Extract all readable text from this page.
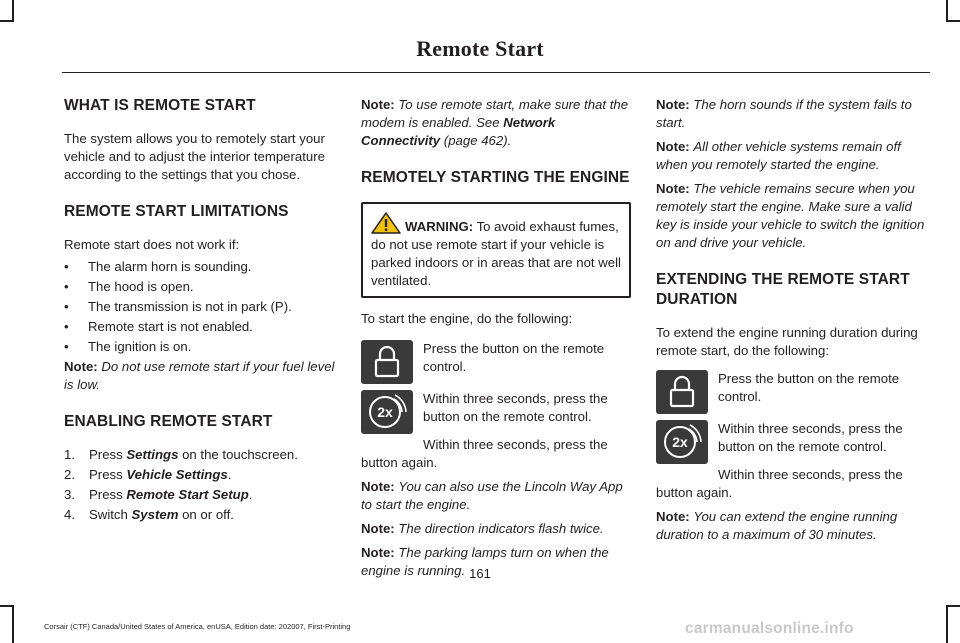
Remote Start
WHAT IS REMOTE START

The system allows you to remotely start your vehicle and to adjust the interior temperature according to the settings that you chose.

REMOTE START LIMITATIONS

Remote start does not work if:

• The alarm horn is sounding.
• The hood is open.
• The transmission is not in park (P).
• Remote start is not enabled.
• The ignition is on.

Note: Do not use remote start if your fuel level is low.

ENABLING REMOTE START
1. Press Settings on the touchscreen.
2. Press Vehicle Settings.
3. Press Remote Start Setup.
4. Switch System on or off.

Note: To use remote start, make sure that the modem is enabled. See Network Connectivity (page 462).

REMOTELY STARTING THE ENGINE
WARNING: To avoid exhaust fumes, do not use remote start if your vehicle is parked indoors or in areas that are not well ventilated.

To start the engine, do the following:

Press the button on the remote control.

2x

Within three seconds, press the button on the remote control.

Within three seconds, press the button again.

Note: You can also use the Lincoln Way App to start the engine.

Note: The direction indicators flash twice.

Note: The parking lamps turn on when the engine is running.

Note: The horn sounds if the system fails to start.

Note: All other vehicle systems remain off when you remotely started the engine.

Note: The vehicle remains secure when you remotely start the engine. Make sure a valid key is inside your vehicle to switch the ignition on and drive your vehicle.

EXTENDING THE REMOTE START
DURATION

To extend the engine running duration during remote start, do the following:

Press the button on the remote control.

2x

Within three seconds, press the button on the remote control.

Within three seconds, press the button again.

Note: You can extend the engine running duration to a maximum of 30 minutes.

161
Corsair (CTF) Canada/United States of America, enUSA, Edition date: 202007, First-Printing	carmanualsonline.info
